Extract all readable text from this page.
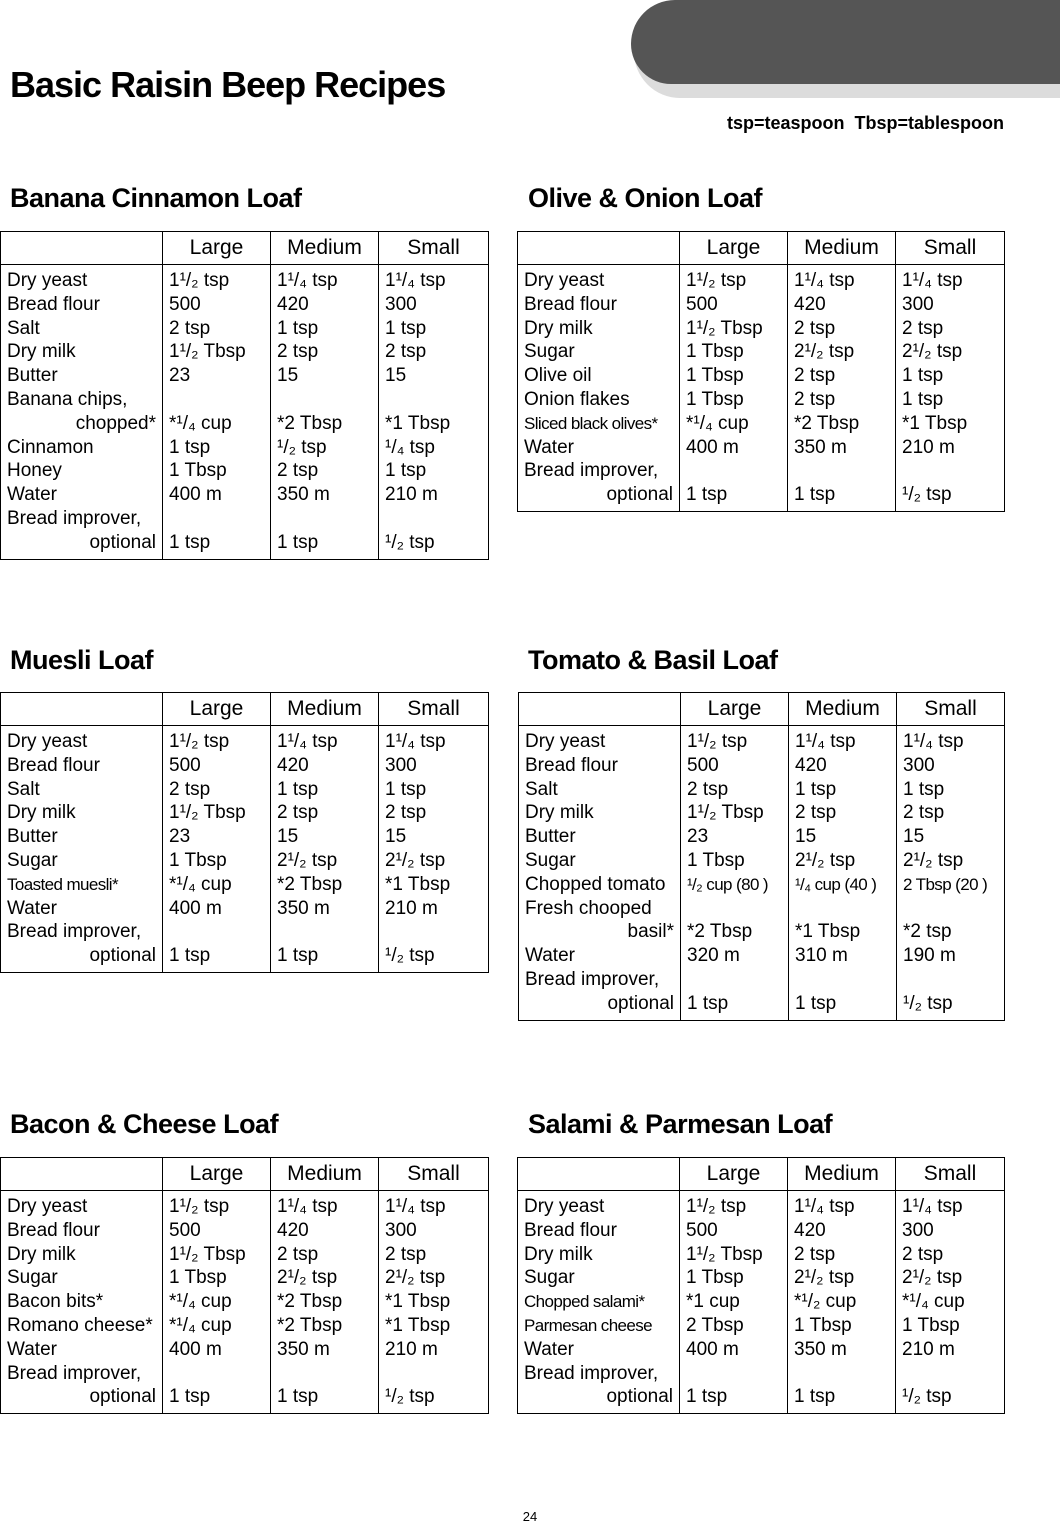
Basic Raisin Beep Recipes
tsp=teaspoon  Tbsp=tablespoon
Banana Cinnamon Loaf
	Large	Medium	Small
Dry yeast	1¹/₂ tsp	1¹/₄ tsp	1¹/₄ tsp
Bread flour	500	420	300
Salt	2 tsp	1 tsp	1 tsp
Dry milk	1¹/₂ Tbsp	2 tsp	2 tsp
Butter	23	15	15
Banana chips,			
chopped*	*¹/₄ cup	*2 Tbsp	*1 Tbsp
Cinnamon	1 tsp	¹/₂ tsp	¹/₄ tsp
Honey	1 Tbsp	2 tsp	1 tsp
Water	400 m	350 m	210 m
Bread improver,			
optional	1 tsp	1 tsp	¹/₂ tsp
Olive & Onion Loaf
	Large	Medium	Small
Dry yeast	1¹/₂ tsp	1¹/₄ tsp	1¹/₄ tsp
Bread flour	500	420	300
Dry milk	1¹/₂ Tbsp	2 tsp	2 tsp
Sugar	1 Tbsp	2¹/₂ tsp	2¹/₂ tsp
Olive oil	1 Tbsp	2 tsp	1 tsp
Onion flakes	1 Tbsp	2 tsp	1 tsp
Sliced black olives*	*¹/₄ cup	*2 Tbsp	*1 Tbsp
Water	400 m	350 m	210 m
Bread improver,			
optional	1 tsp	1 tsp	¹/₂ tsp
Muesli Loaf
	Large	Medium	Small
Dry yeast	1¹/₂ tsp	1¹/₄ tsp	1¹/₄ tsp
Bread flour	500	420	300
Salt	2 tsp	1 tsp	1 tsp
Dry milk	1¹/₂ Tbsp	2 tsp	2 tsp
Butter	23	15	15
Sugar	1 Tbsp	2¹/₂ tsp	2¹/₂ tsp
Toasted muesli*	*¹/₄ cup	*2 Tbsp	*1 Tbsp
Water	400 m	350 m	210 m
Bread improver,			
optional	1 tsp	1 tsp	¹/₂ tsp
Tomato & Basil Loaf
	Large	Medium	Small
Dry yeast	1¹/₂ tsp	1¹/₄ tsp	1¹/₄ tsp
Bread flour	500	420	300
Salt	2 tsp	1 tsp	1 tsp
Dry milk	1¹/₂ Tbsp	2 tsp	2 tsp
Butter	23	15	15
Sugar	1 Tbsp	2¹/₂ tsp	2¹/₂ tsp
Chopped tomato	¹/₂ cup (80 )	¹/₄ cup (40 )	2 Tbsp (20 )
Fresh chooped			
basil*	*2 Tbsp	*1 Tbsp	*2 tsp
Water	320 m	310 m	190 m
Bread improver,			
optional	1 tsp	1 tsp	¹/₂ tsp
Bacon & Cheese Loaf
	Large	Medium	Small
Dry yeast	1¹/₂ tsp	1¹/₄ tsp	1¹/₄ tsp
Bread flour	500	420	300
Dry milk	1¹/₂ Tbsp	2 tsp	2 tsp
Sugar	1 Tbsp	2¹/₂ tsp	2¹/₂ tsp
Bacon bits*	*¹/₄ cup	*2 Tbsp	*1 Tbsp
Romano cheese*	*¹/₄ cup	*2 Tbsp	*1 Tbsp
Water	400 m	350 m	210 m
Bread improver,			
optional	1 tsp	1 tsp	¹/₂ tsp
Salami & Parmesan Loaf
	Large	Medium	Small
Dry yeast	1¹/₂ tsp	1¹/₄ tsp	1¹/₄ tsp
Bread flour	500	420	300
Dry milk	1¹/₂ Tbsp	2 tsp	2 tsp
Sugar	1 Tbsp	2¹/₂ tsp	2¹/₂ tsp
Chopped salami*	*1 cup	*¹/₂ cup	*¹/₄ cup
Parmesan cheese	2 Tbsp	1 Tbsp	1 Tbsp
Water	400 m	350 m	210 m
Bread improver,			
optional	1 tsp	1 tsp	¹/₂ tsp
24
